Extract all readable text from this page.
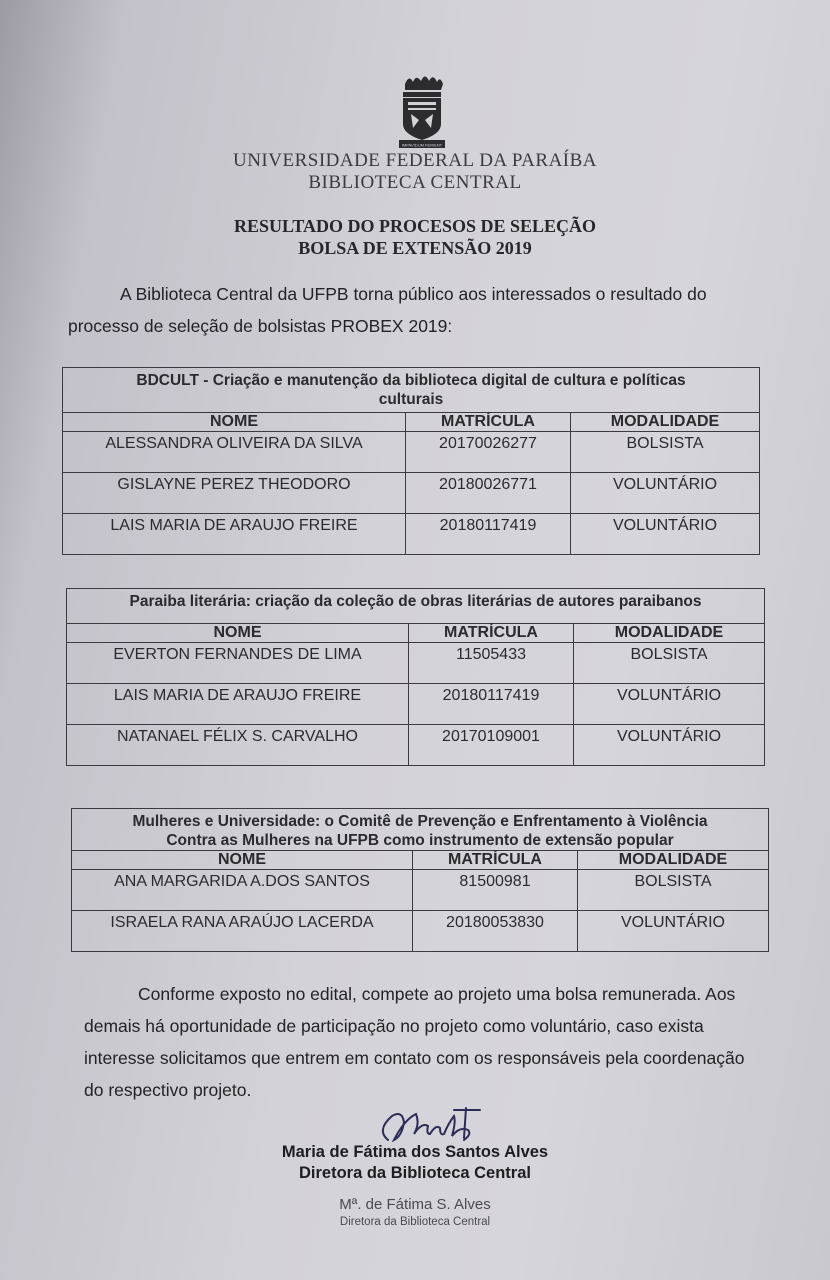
IMPAVIDUM FERIENT
UNIVERSIDADE FEDERAL DA PARAÍBA
BIBLIOTECA CENTRAL
RESULTADO DO PROCESOS DE SELEÇÃO
BOLSA DE EXTENSÃO 2019
A Biblioteca Central da UFPB torna público aos interessados o resultado do
processo de seleção de bolsistas PROBEX 2019:
BDCULT - Criação e manutenção da biblioteca digital de cultura e políticas
culturais		

NOME	MATRÍCULA	MODALIDADE
ALESSANDRA OLIVEIRA DA SILVA	20170026277	BOLSISTA
GISLAYNE PEREZ THEODORO	20180026771	VOLUNTÁRIO
LAIS MARIA DE ARAUJO FREIRE	20180117419	VOLUNTÁRIO
Paraiba literária: criação da coleção de obras literárias de autores paraibanos		

NOME	MATRÍCULA	MODALIDADE
EVERTON FERNANDES DE LIMA	11505433	BOLSISTA
LAIS MARIA DE ARAUJO FREIRE	20180117419	VOLUNTÁRIO
NATANAEL FÉLIX S. CARVALHO	20170109001	VOLUNTÁRIO
Mulheres e Universidade: o Comitê de Prevenção e Enfrentamento à Violência
Contra as Mulheres na UFPB como instrumento de extensão popular		

NOME	MATRÍCULA	MODALIDADE
ANA MARGARIDA A.DOS SANTOS	81500981	BOLSISTA
ISRAELA RANA ARAÚJO LACERDA	20180053830	VOLUNTÁRIO
Conforme exposto no edital, compete ao projeto uma bolsa remunerada. Aos
demais há oportunidade de participação no projeto como voluntário, caso exista
interesse solicitamos que entrem em contato com os responsáveis pela coordenação
do respectivo projeto.
Maria de Fátima dos Santos Alves
Diretora da Biblioteca Central
Mª. de Fátima S. Alves
Diretora da Biblioteca Central
